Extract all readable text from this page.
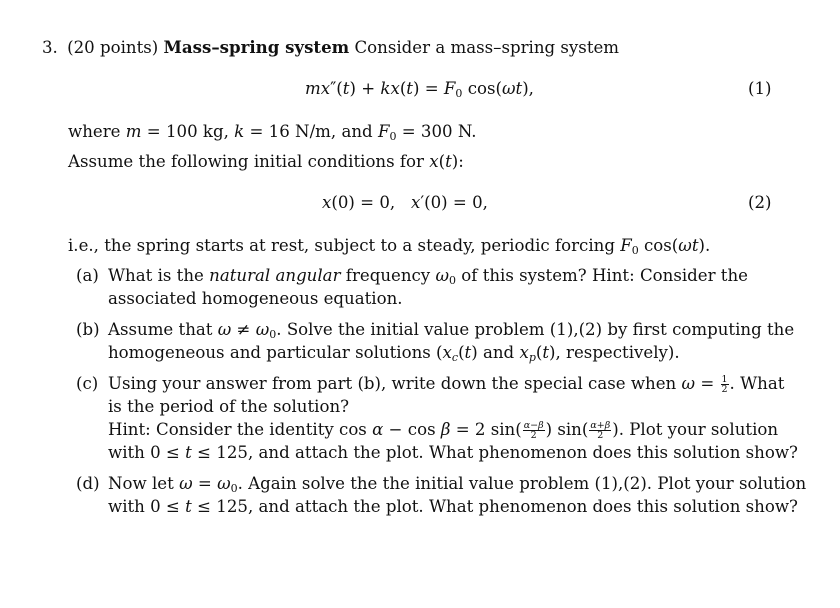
3. (20 points) Mass–spring system Consider a mass–spring system
$mx''(t) + kx(t) = F_0$ cos(ωt),	(1)
where m = 100 kg, k = 16 N/m, and $F_0 = 300$ N.
Assume the following initial conditions for x(t):
x(0) = 0,   x′(0) = 0,	(2)
i.e., the spring starts at rest, subject to a steady, periodic forcing $F_0$ cos(ωt).
(a) What is the natural angular frequency $\omega_0$ of this system? Hint: Consider the
associated homogeneous equation.
(b) Assume that $\omega \ne \omega_0$. Solve the initial value problem (1),(2) by first computing the
homogeneous and particular solutions ($x_c(t)$ and $x_p(t)$, respectively).
(c) Using your answer from part (b), write down the special case when $\omega = \frac{1}{2}$ . What
is the period of the solution?
Hint: Consider the identity cos α − cos β = 2 $\sin( \frac{\alpha-\beta}{2}$ ) $\sin( \frac{\alpha+\beta}{2}$ ). Plot your solution
with 0 ≤ t ≤ 125, and attach the plot. What phenomenon does this solution show?
(d) Now let $\omega = \omega_0$. Again solve the the initial value problem (1),(2). Plot your solution
with 0 ≤ t ≤ 125, and attach the plot. What phenomenon does this solution show?
